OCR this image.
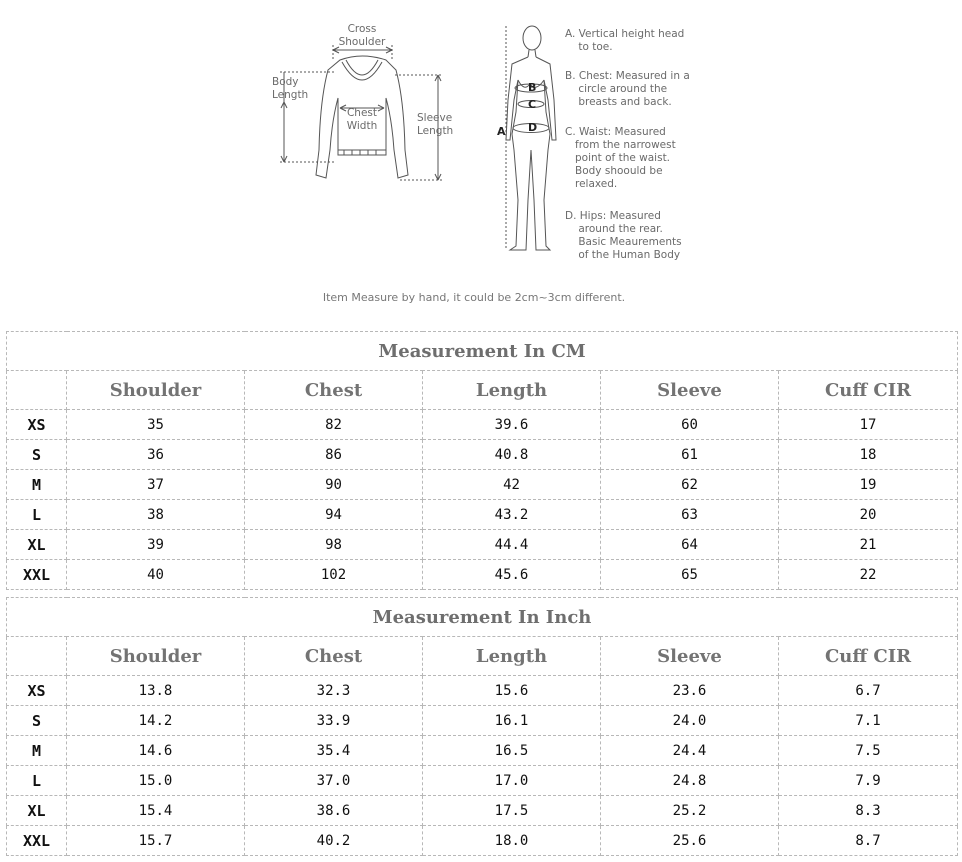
Cross
Shoulder
Body
Length
Chest
Width
Sleeve
Length	A
B
C
D
A. Vertical height head
to toe.
B. Chest: Measured in a
circle around the
breasts and back.
C. Waist: Measured
from the narrowest
point of the waist.
Body shoould be
relaxed.
D. Hips: Measured
around the rear.
Basic Meaurements
of the Human Body
Item Measure by hand, it could be 2cm~3cm different.
Measurement In CM					
	Shoulder	Chest	Length	Sleeve	Cuff CIR
XS	35	82	39.6	60	17
S	36	86	40.8	61	18
M	37	90	42	62	19
L	38	94	43.2	63	20
XL	39	98	44.4	64	21
XXL	40	102	45.6	65	22
Measurement In Inch					
	Shoulder	Chest	Length	Sleeve	Cuff CIR
XS	13.8	32.3	15.6	23.6	6.7
S	14.2	33.9	16.1	24.0	7.1
M	14.6	35.4	16.5	24.4	7.5
L	15.0	37.0	17.0	24.8	7.9
XL	15.4	38.6	17.5	25.2	8.3
XXL	15.7	40.2	18.0	25.6	8.7
